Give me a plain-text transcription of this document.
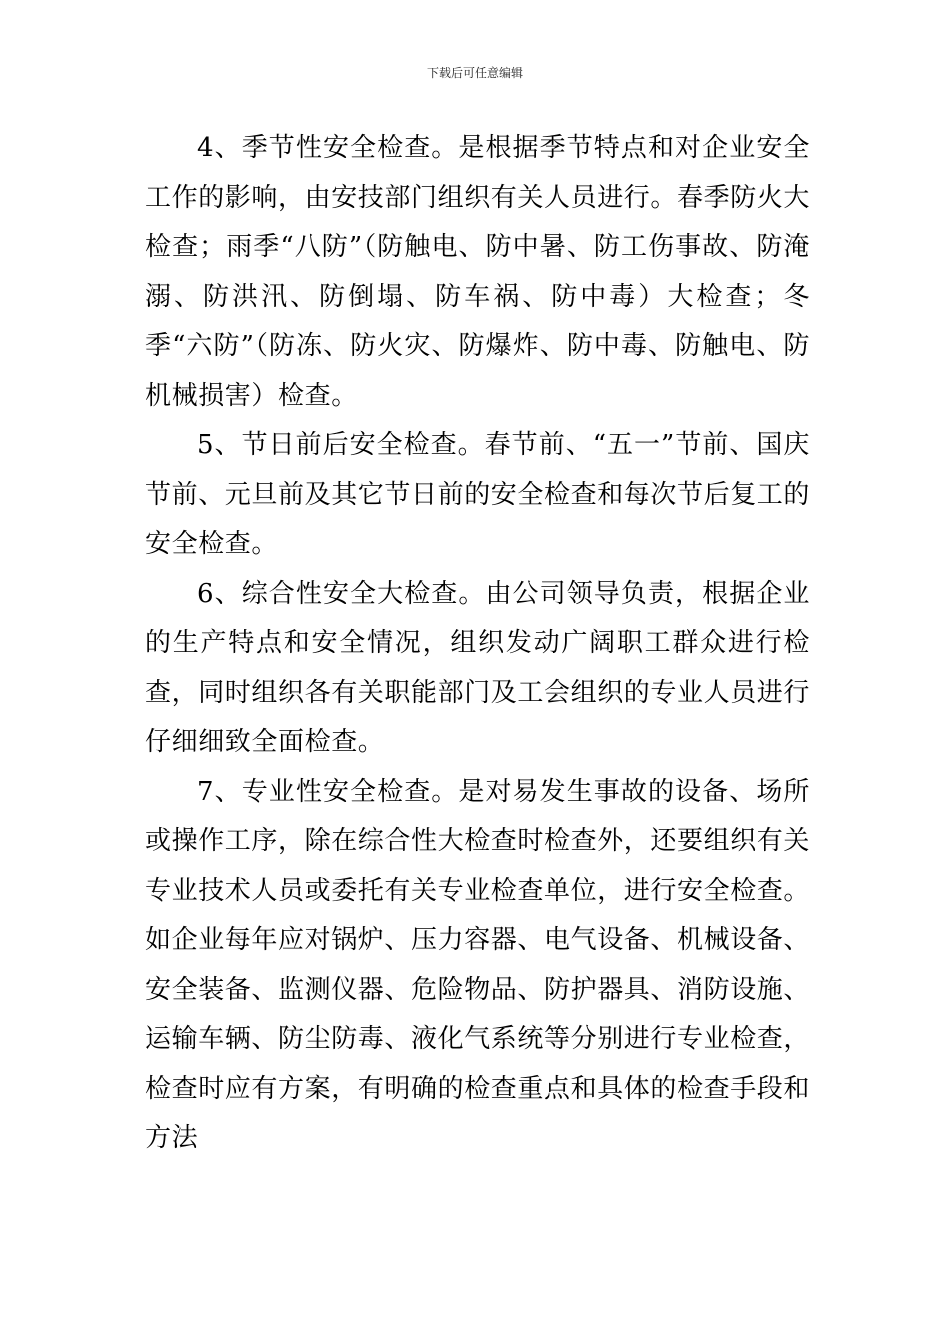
下载后可任意编辑

4、季节性安全检查。是根据季节特点和对企业安全工作的影响，由安技部门组织有关人员进行。春季防火大检查；雨季“八防”（防触电、防中暑、防工伤事故、防淹溺、防洪汛、防倒塌、防车祸、防中毒）大检查；冬季“六防”（防冻、防火灾、防爆炸、防中毒、防触电、防机械损害）检查。

5、节日前后安全检查。春节前、“五一”节前、国庆节前、元旦前及其它节日前的安全检查和每次节后复工的安全检查。

6、综合性安全大检查。由公司领导负责，根据企业的生产特点和安全情况，组织发动广阔职工群众进行检查，同时组织各有关职能部门及工会组织的专业人员进行仔细细致全面检查。

7、专业性安全检查。是对易发生事故的设备、场所或操作工序，除在综合性大检查时检查外，还要组织有关专业技术人员或委托有关专业检查单位，进行安全检查。如企业每年应对锅炉、压力容器、电气设备、机械设备、安全装备、监测仪器、危险物品、防护器具、消防设施、运输车辆、防尘防毒、液化气系统等分别进行专业检查，检查时应有方案，有明确的检查重点和具体的检查手段和方法
